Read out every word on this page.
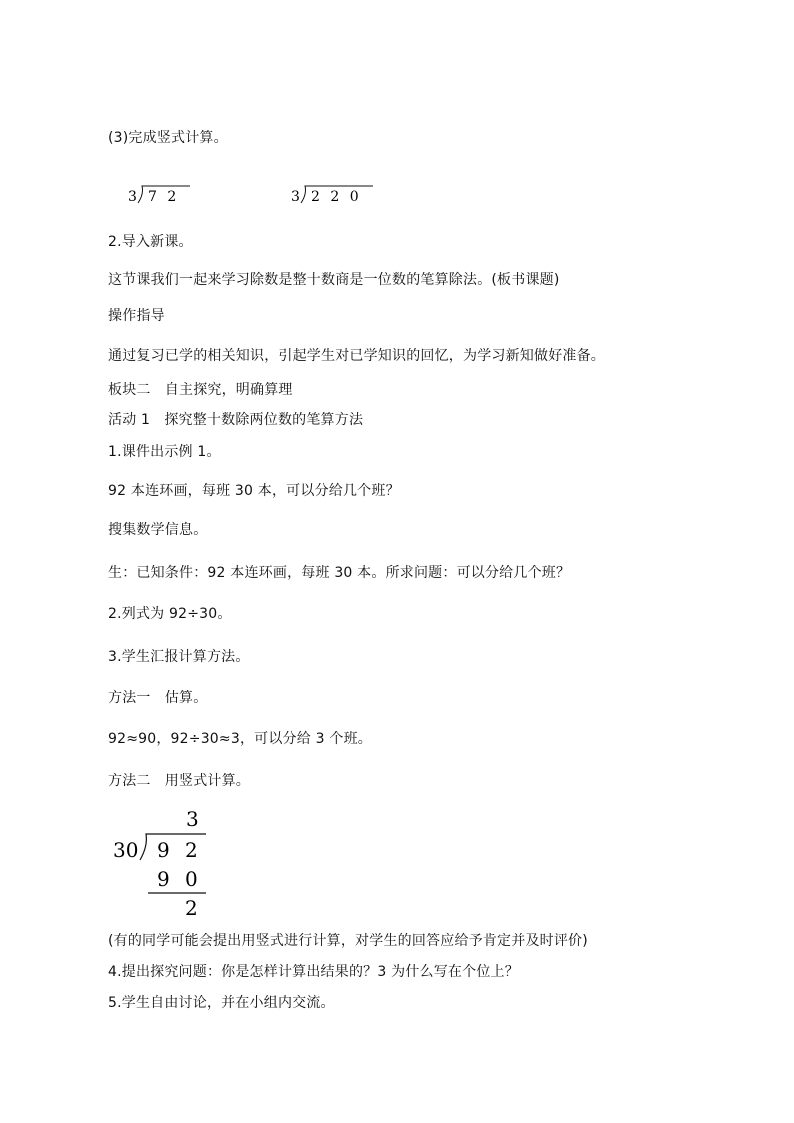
(3)完成竖式计算。
3 7 2	3 2 2 0
2.导入新课。
这节课我们一起来学习除数是整十数商是一位数的笔算除法。(板书课题)
操作指导
通过复习已学的相关知识，引起学生对已学知识的回忆，为学习新知做好准备。
板块二　自主探究，明确算理
活动 1　探究整十数除两位数的笔算方法
1.课件出示例 1。
92 本连环画，每班 30 本，可以分给几个班？
搜集数学信息。
生：已知条件：92 本连环画，每班 30 本。所求问题：可以分给几个班？
2.列式为 92÷30。
3.学生汇报计算方法。
方法一　估算。
92≈90，92÷30≈3，可以分给 3 个班。
方法二　用竖式计算。
3
30 9 2
9 0
2
(有的同学可能会提出用竖式进行计算，对学生的回答应给予肯定并及时评价)
4.提出探究问题：你是怎样计算出结果的？3 为什么写在个位上？
5.学生自由讨论，并在小组内交流。
